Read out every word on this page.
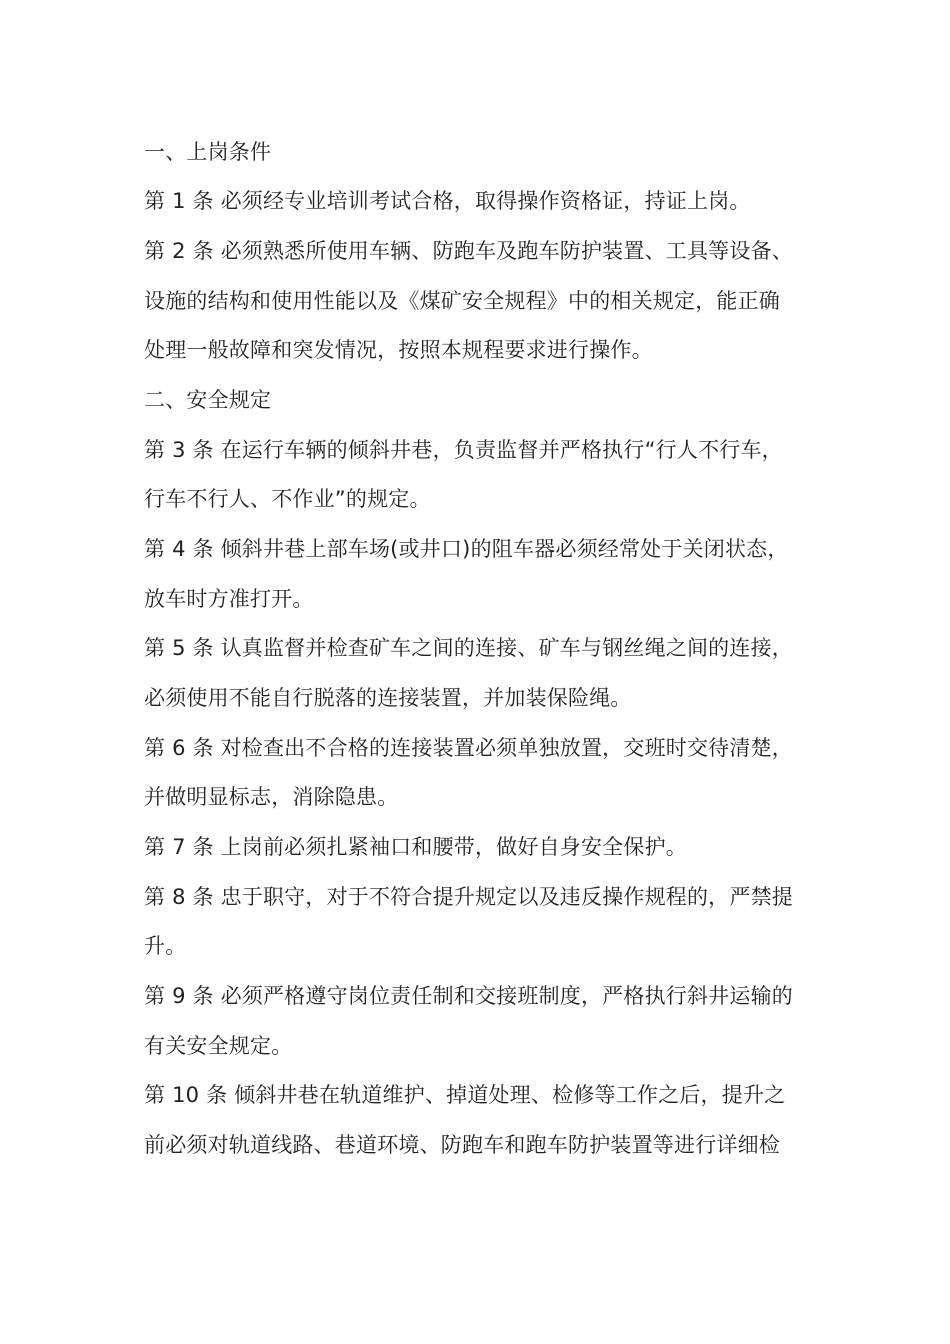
一、上岗条件
第 1 条 必须经专业培训考试合格，取得操作资格证，持证上岗。
第 2 条 必须熟悉所使用车辆、防跑车及跑车防护装置、工具等设备、
设施的结构和使用性能以及《煤矿安全规程》中的相关规定，能正确
处理一般故障和突发情况，按照本规程要求进行操作。
二、安全规定
第 3 条 在运行车辆的倾斜井巷，负责监督并严格执行“行人不行车，
行车不行人、不作业”的规定。
第 4 条 倾斜井巷上部车场(或井口)的阻车器必须经常处于关闭状态，
放车时方准打开。
第 5 条 认真监督并检查矿车之间的连接、矿车与钢丝绳之间的连接，
必须使用不能自行脱落的连接装置，并加装保险绳。
第 6 条 对检查出不合格的连接装置必须单独放置，交班时交待清楚，
并做明显标志，消除隐患。
第 7 条 上岗前必须扎紧袖口和腰带，做好自身安全保护。
第 8 条 忠于职守，对于不符合提升规定以及违反操作规程的，严禁提
升。
第 9 条 必须严格遵守岗位责任制和交接班制度，严格执行斜井运输的
有关安全规定。
第 10 条 倾斜井巷在轨道维护、掉道处理、检修等工作之后，提升之
前必须对轨道线路、巷道环境、防跑车和跑车防护装置等进行详细检
